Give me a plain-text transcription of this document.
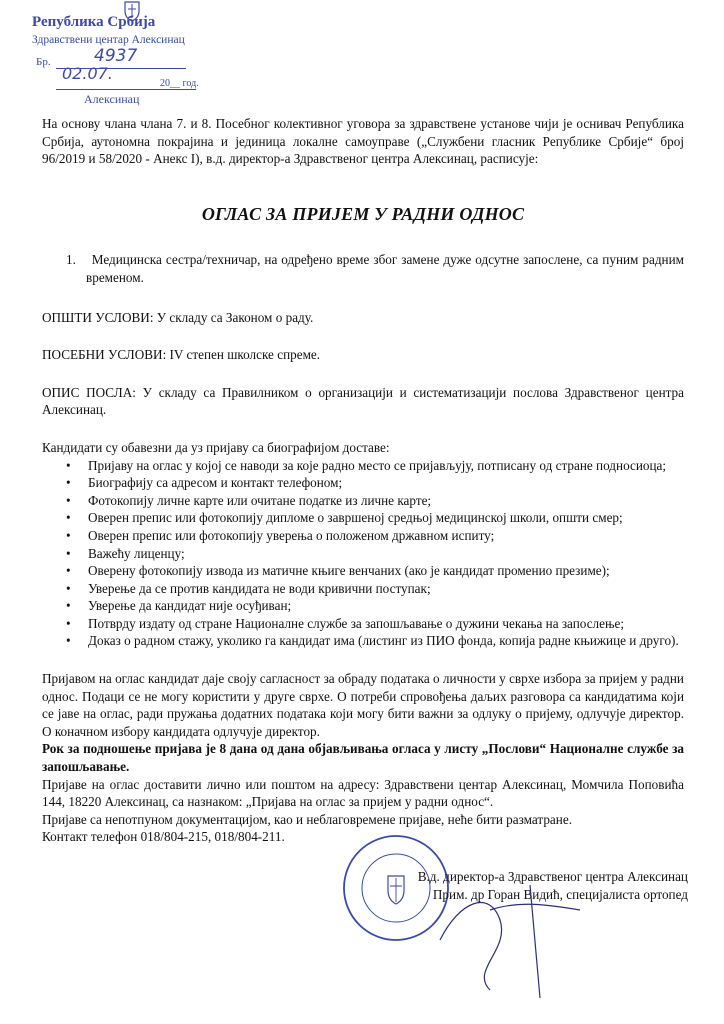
Република Србија
Здравствени центар Алексинац
Бр.	4937
02.07.
20__ год.
Алексинац

На основу члана члана 7. и 8. Посебног колективног уговора за здравствене установе чији је оснивач Република Србија, аутономна покрајина и јединица локалне самоуправе („Службени гласник Републике Србије“ број 96/2019 и 58/2020 - Анекс I), в.д. директор-а Здравственог центра Алексинац, расписује:

ОГЛАС ЗА ПРИЈЕМ У РАДНИ ОДНОС

1. Медицинска сестра/техничар, на одређено време због замене дуже одсутне запослене, са пуним радним временом.

ОПШТИ УСЛОВИ: У складу са Законом о раду.

ПОСЕБНИ УСЛОВИ: IV степен школске спреме.

ОПИС ПОСЛА: У складу са Правилником о организацији и систематизацији послова Здравственог центра Алексинац.

Кандидати су обавезни да уз пријаву са биографијом доставе:

• Пријаву на оглас у којој се наводи за које радно место се пријављују, потписану од стране подносиоца;
• Биографију са адресом и контакт телефоном;
• Фотокопију личне карте или очитане податке из личне карте;
• Оверен препис или фотокопију дипломе о завршеној средњој медицинској школи, општи смер;
• Оверен препис или фотокопију уверења о положеном државном испиту;
• Важећу лиценцу;
• Оверену фотокопију извода из матичне књиге венчаних (ако је кандидат променио презиме);
• Уверење да се против кандидата не води кривични поступак;
• Уверење да кандидат није осуђиван;
• Потврду издату од стране Националне службе за запошљавање о дужини чекања на запослење;
• Доказ о радном стажу, уколико га кандидат има (листинг из ПИО фонда, копија радне књижице и друго).

Пријавом на оглас кандидат даје своју сагласност за обраду података о личности у сврхе избора за пријем у радни однос. Подаци се не могу користити у друге сврхе. О потреби спровођења даљих разговора са кандидатима који се јаве на оглас, ради пружања додатних података који могу бити важни за одлуку о пријему, одлучује директор. О коначном избору кандидата одлучује директор.

Рок за подношење пријава је 8 дана од дана објављивања огласа у листу „Послови“ Националне службе за запошљавање.

Пријаве на оглас доставити лично или поштом на адресу: Здравствени центар Алексинац, Момчила Поповића 144, 18220 Алексинац, са назнаком: „Пријава на оглас за пријем у радни однос“.

Пријаве са непотпуном документацијом, као и неблаговремене пријаве, неће бити разматране.

Контакт телефон 018/804-215, 018/804-211.

В.д. директор-а Здравственог центра Алексинац
Прим. др Горан Видић, специјалиста ортопед
